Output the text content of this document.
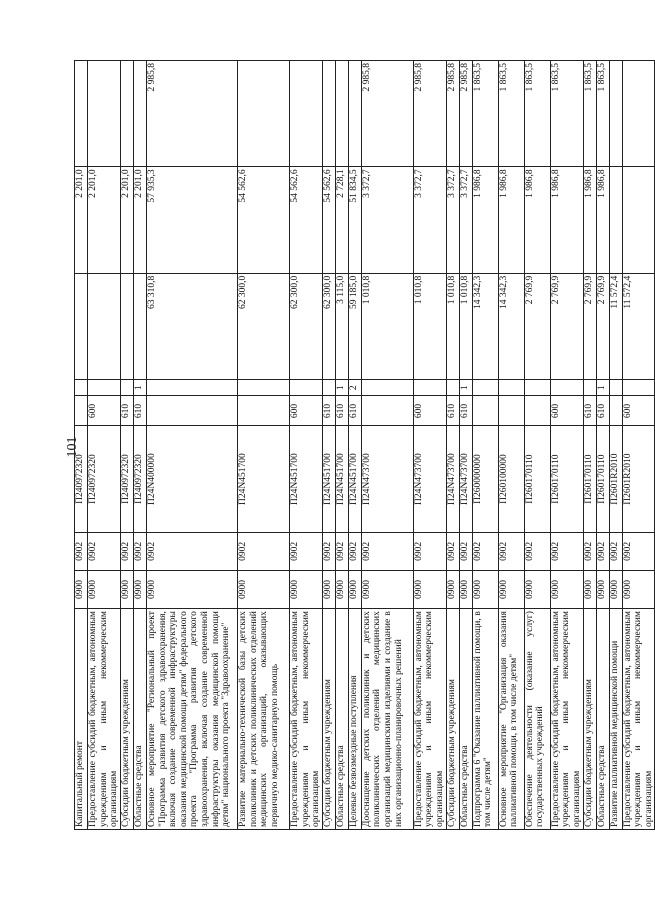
101
Капитальный ремонт	0900	0902	П240972320				2 201,0	
Предоставление субсидий бюджетным, автономным учреждениям и иным некоммерческим организациям	0900	0902	П240972320	600			2 201,0	
Субсидии бюджетным учреждениям	0900	0902	П240972320	610			2 201,0	
Областные средства	0900	0902	П240972320	610	1		2 201,0	
Основное мероприятие "Региональный проект "Программа развития детского здравоохранения, включая создание современной инфраструктуры оказания медицинской помощи детям" федерального проекта "Программа развития детского здравоохранения, включая создание современной инфраструктуры оказания медицинской помощи детям" национального проекта "Здравоохранение"	0900	0902	П24N400000			63 310,8	57 935,3	2 985,8
Развитие материально-технической базы детских поликлиник и детских поликлинических отделений медицинских организаций, оказывающих первичную медико-санитарную помощь	0900	0902	П24N451700			62 300,0	54 562,6	
Предоставление субсидий бюджетным, автономным учреждениям и иным некоммерческим организациям	0900	0902	П24N451700	600		62 300,0	54 562,6	
Субсидии бюджетным учреждениям	0900	0902	П24N451700	610		62 300,0	54 562,6	
Областные средства	0900	0902	П24N451700	610	1	3 115,0	2 728,1	
Целевые безвозмездные поступления	0900	0902	П24N451700	610	2	59 185,0	51 834,5	
Дооснащение детских поликлиник и детских поликлинических отделений медицинских организаций медицинскими изделиями и создание в них организационно-планировочных решений	0900	0902	П24N473700			1 010,8	3 372,7	2 985,8
Предоставление субсидий бюджетным, автономным учреждениям и иным некоммерческим организациям	0900	0902	П24N473700	600		1 010,8	3 372,7	2 985,8
Субсидии бюджетным учреждениям	0900	0902	П24N473700	610		1 010,8	3 372,7	2 985,8
Областные средства	0900	0902	П24N473700	610	1	1 010,8	3 372,7	2 985,8
Подпрограмма 6 "Оказание паллиативной помощи, в том числе детям"	0900	0902	П260000000			14 342,3	1 986,8	1 863,5
Основное мероприятие "Организация оказания паллиативной помощи, в том числе детям"	0900	0902	П260100000			14 342,3	1 986,8	1 863,5
Обеспечение деятельности (оказание услуг) государственных учреждений	0900	0902	П260170110			2 769,9	1 986,8	1 863,5
Предоставление субсидий бюджетным, автономным учреждениям и иным некоммерческим организациям	0900	0902	П260170110	600		2 769,9	1 986,8	1 863,5
Субсидии бюджетным учреждениям	0900	0902	П260170110	610		2 769,9	1 986,8	1 863,5
Областные средства	0900	0902	П260170110	610	1	2 769,9	1 986,8	1 863,5
Развитие паллиативной медицинской помощи	0900	0902	П2601R2010			11 572,4		
Предоставление субсидий бюджетным, автономным учреждениям и иным некоммерческим организациям	0900	0902	П2601R2010	600		11 572,4		
